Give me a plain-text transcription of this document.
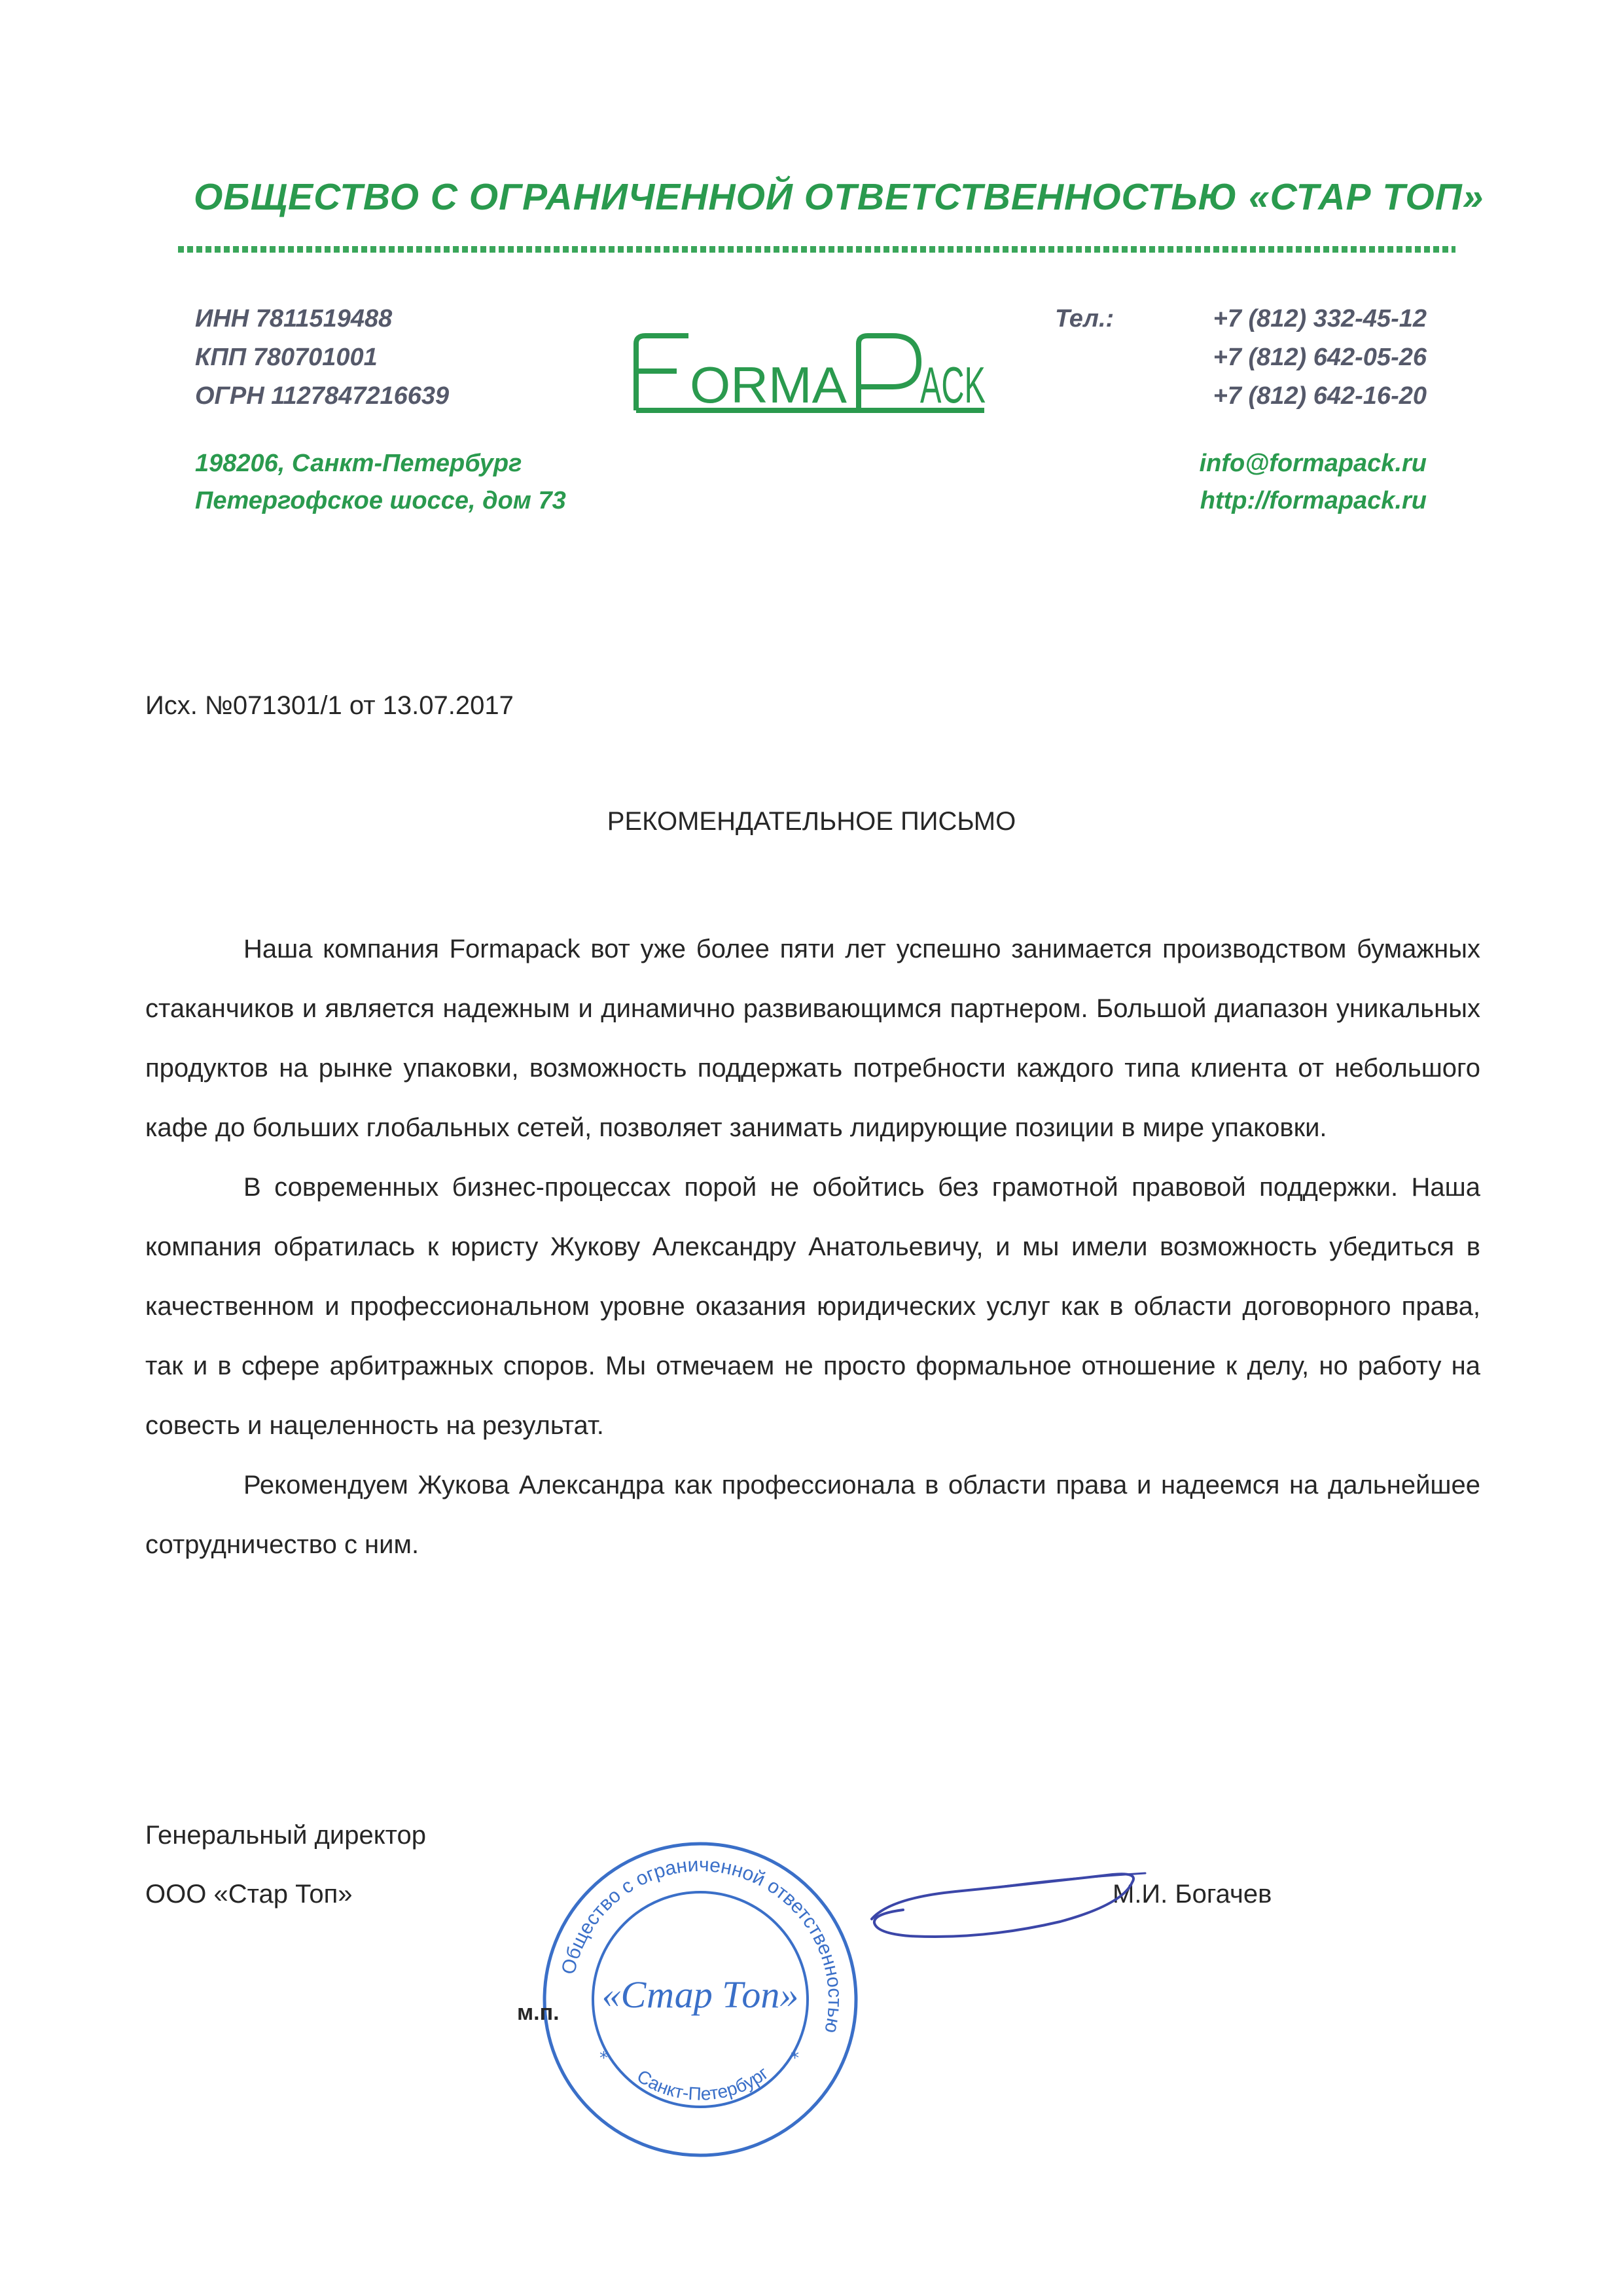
ОБЩЕСТВО С ОГРАНИЧЕННОЙ ОТВЕТСТВЕННОСТЬЮ «СТАР ТОП»
ИНН 7811519488
КПП 780701001
ОГРН 1127847216639	ORMA ACK
Тел.:	+7 (812) 332-45-12
+7 (812) 642-05-26
+7 (812) 642-16-20
198206, Санкт-Петербург
Петергофское шоссе, дом 73
info@formapack.ru
http://formapack.ru
Исх. №071301/1 от 13.07.2017
РЕКОМЕНДАТЕЛЬНОЕ ПИСЬМО

Наша компания Formapack вот уже более пяти лет успешно занимается производством бумажных стаканчиков и является надежным и динамично развивающимся партнером. Большой диапазон уникальных продуктов на рынке упаковки, возможность поддержать потребности каждого типа клиента от небольшого кафе до больших глобальных сетей, позволяет занимать лидирующие позиции в мире упаковки.

В современных бизнес-процессах порой не обойтись без грамотной правовой поддержки. Наша компания обратилась к юристу Жукову Александру Анатольевичу, и мы имели возможность убедиться в качественном и профессиональном уровне оказания юридических услуг как в области договорного права, так и в сфере арбитражных споров. Мы отмечаем не просто формальное отношение к делу, но работу на совесть и нацеленность на результат.

Рекомендуем Жукова Александра как профессионала в области права и надеемся на дальнейшее сотрудничество с ним.

Генеральный директор
ООО «Стар Топ»	М.И. Богачев
Общество с ограниченной ответственностью
«Стар Топ»
Санкт-Петербург
*	*
м.п.
